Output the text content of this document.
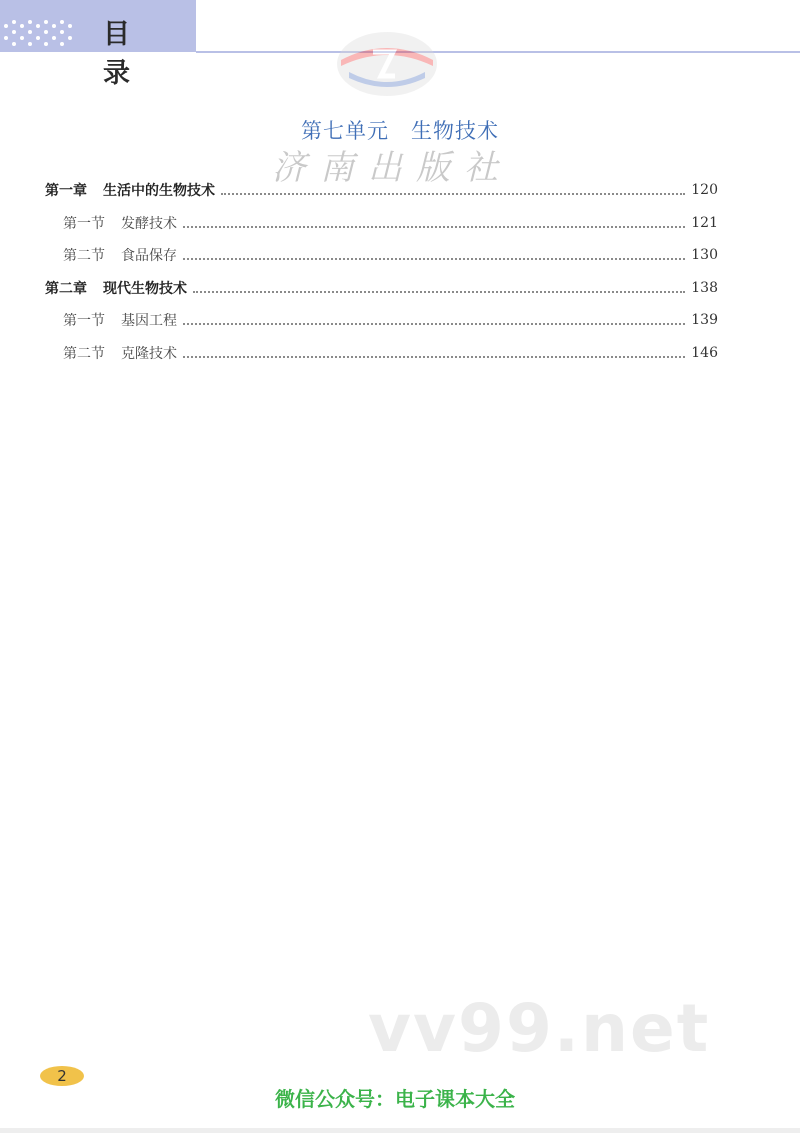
目 录
济南出版社
第七单元　生物技术
第一章 生活中的生物技术	120
第一节 发酵技术	121
第二节 食品保存	130
第二章 现代生物技术	138
第一节 基因工程	139
第二节 克隆技术	146
vv99.net
2
微信公众号：电子课本大全
